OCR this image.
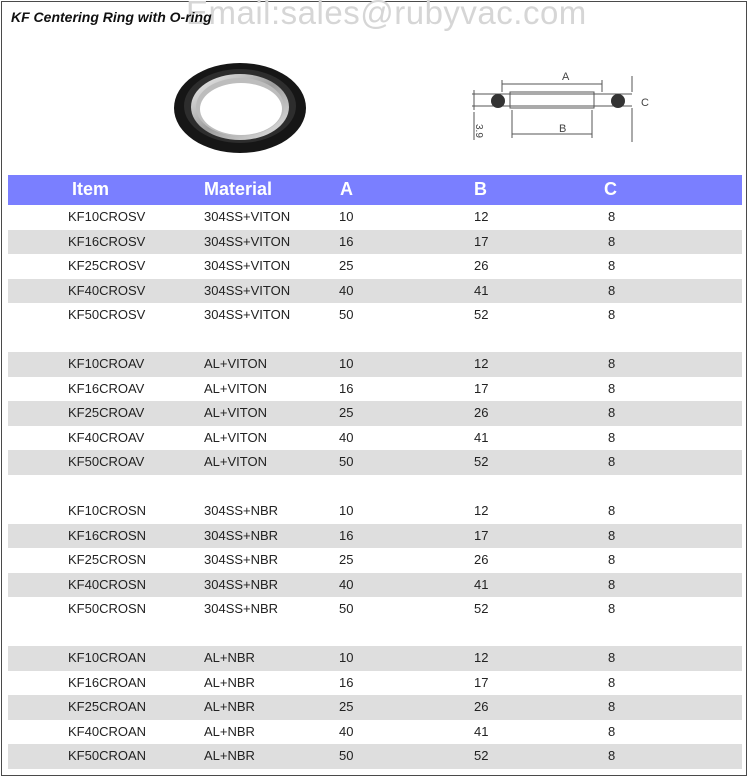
Email:sales@rubyvac.com
KF Centering Ring with O-ring
A
B
C
3.9
Item	Material	A	B	C
KF10CROSV	304SS+VITON	10	12	8
KF16CROSV	304SS+VITON	16	17	8
KF25CROSV	304SS+VITON	25	26	8
KF40CROSV	304SS+VITON	40	41	8
KF50CROSV	304SS+VITON	50	52	8
KF10CROAV	AL+VITON	10	12	8
KF16CROAV	AL+VITON	16	17	8
KF25CROAV	AL+VITON	25	26	8
KF40CROAV	AL+VITON	40	41	8
KF50CROAV	AL+VITON	50	52	8
KF10CROSN	304SS+NBR	10	12	8
KF16CROSN	304SS+NBR	16	17	8
KF25CROSN	304SS+NBR	25	26	8
KF40CROSN	304SS+NBR	40	41	8
KF50CROSN	304SS+NBR	50	52	8
KF10CROAN	AL+NBR	10	12	8
KF16CROAN	AL+NBR	16	17	8
KF25CROAN	AL+NBR	25	26	8
KF40CROAN	AL+NBR	40	41	8
KF50CROAN	AL+NBR	50	52	8
